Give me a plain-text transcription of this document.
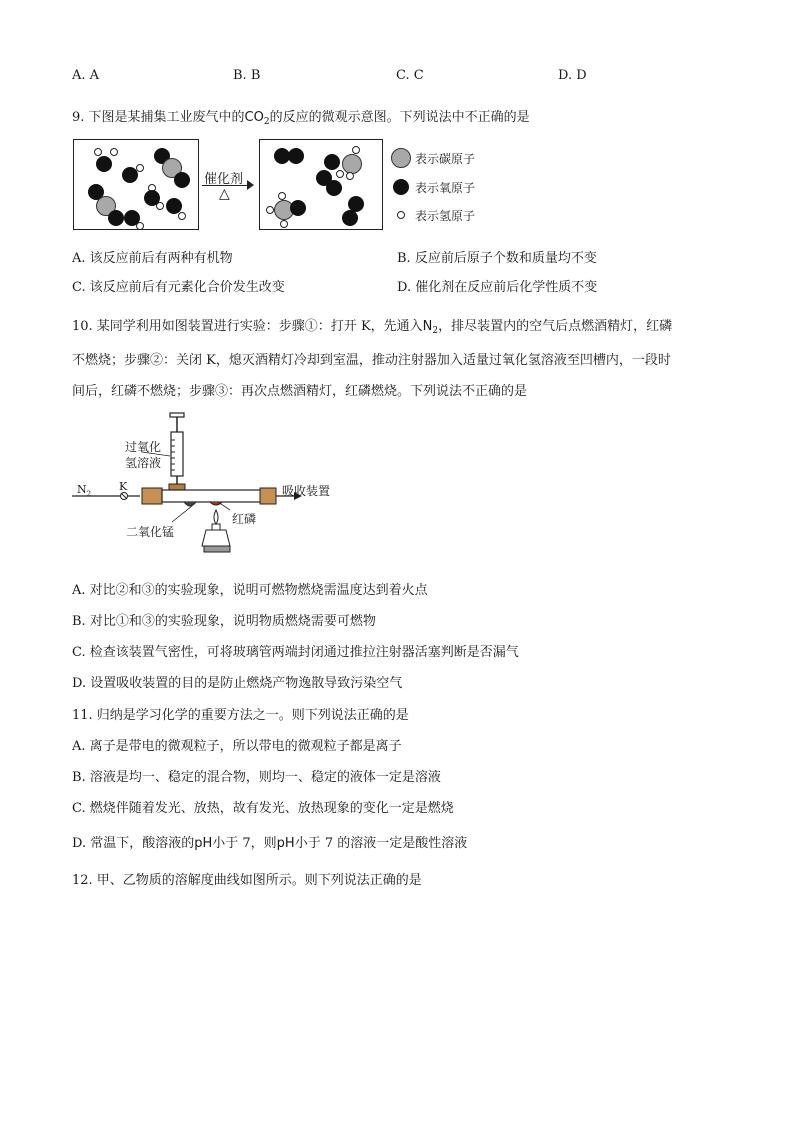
A. A	B. B	C. C	D. D
9. 下图是某捕集工业废气中的$CO_2$的反应的微观示意图。下列说法中不正确的是
催化剂
△
表示碳原子
表示氧原子
表示氢原子
A. 该反应前后有两种有机物	B. 反应前后原子个数和质量均不变
C. 该反应前后有元素化合价发生改变	D. 催化剂在反应前后化学性质不变
10. 某同学利用如图装置进行实验：步骤①：打开 K，先通入$N_2$，排尽装置内的空气后点燃酒精灯，红磷
不燃烧；步骤②：关闭 K，熄灭酒精灯冷却到室温，推动注射器加入适量过氧化氢溶液至凹槽内，一段时
间后，红磷不燃烧；步骤③：再次点燃酒精灯，红磷燃烧。下列说法不正确的是
过氧化
氢溶液
$N_2$
K	吸收装置
红磷
二氧化锰
A. 对比②和③的实验现象，说明可燃物燃烧需温度达到着火点
B. 对比①和③的实验现象，说明物质燃烧需要可燃物
C. 检查该装置气密性，可将玻璃管两端封闭通过推拉注射器活塞判断是否漏气
D. 设置吸收装置的目的是防止燃烧产物逸散导致污染空气
11. 归纳是学习化学的重要方法之一。则下列说法正确的是
A. 离子是带电的微观粒子，所以带电的微观粒子都是离子
B. 溶液是均一、稳定的混合物，则均一、稳定的液体一定是溶液
C. 燃烧伴随着发光、放热，故有发光、放热现象的变化一定是燃烧
D. 常温下，酸溶液的pH小于 7，则pH小于 7 的溶液一定是酸性溶液
12. 甲、乙物质的溶解度曲线如图所示。则下列说法正确的是
